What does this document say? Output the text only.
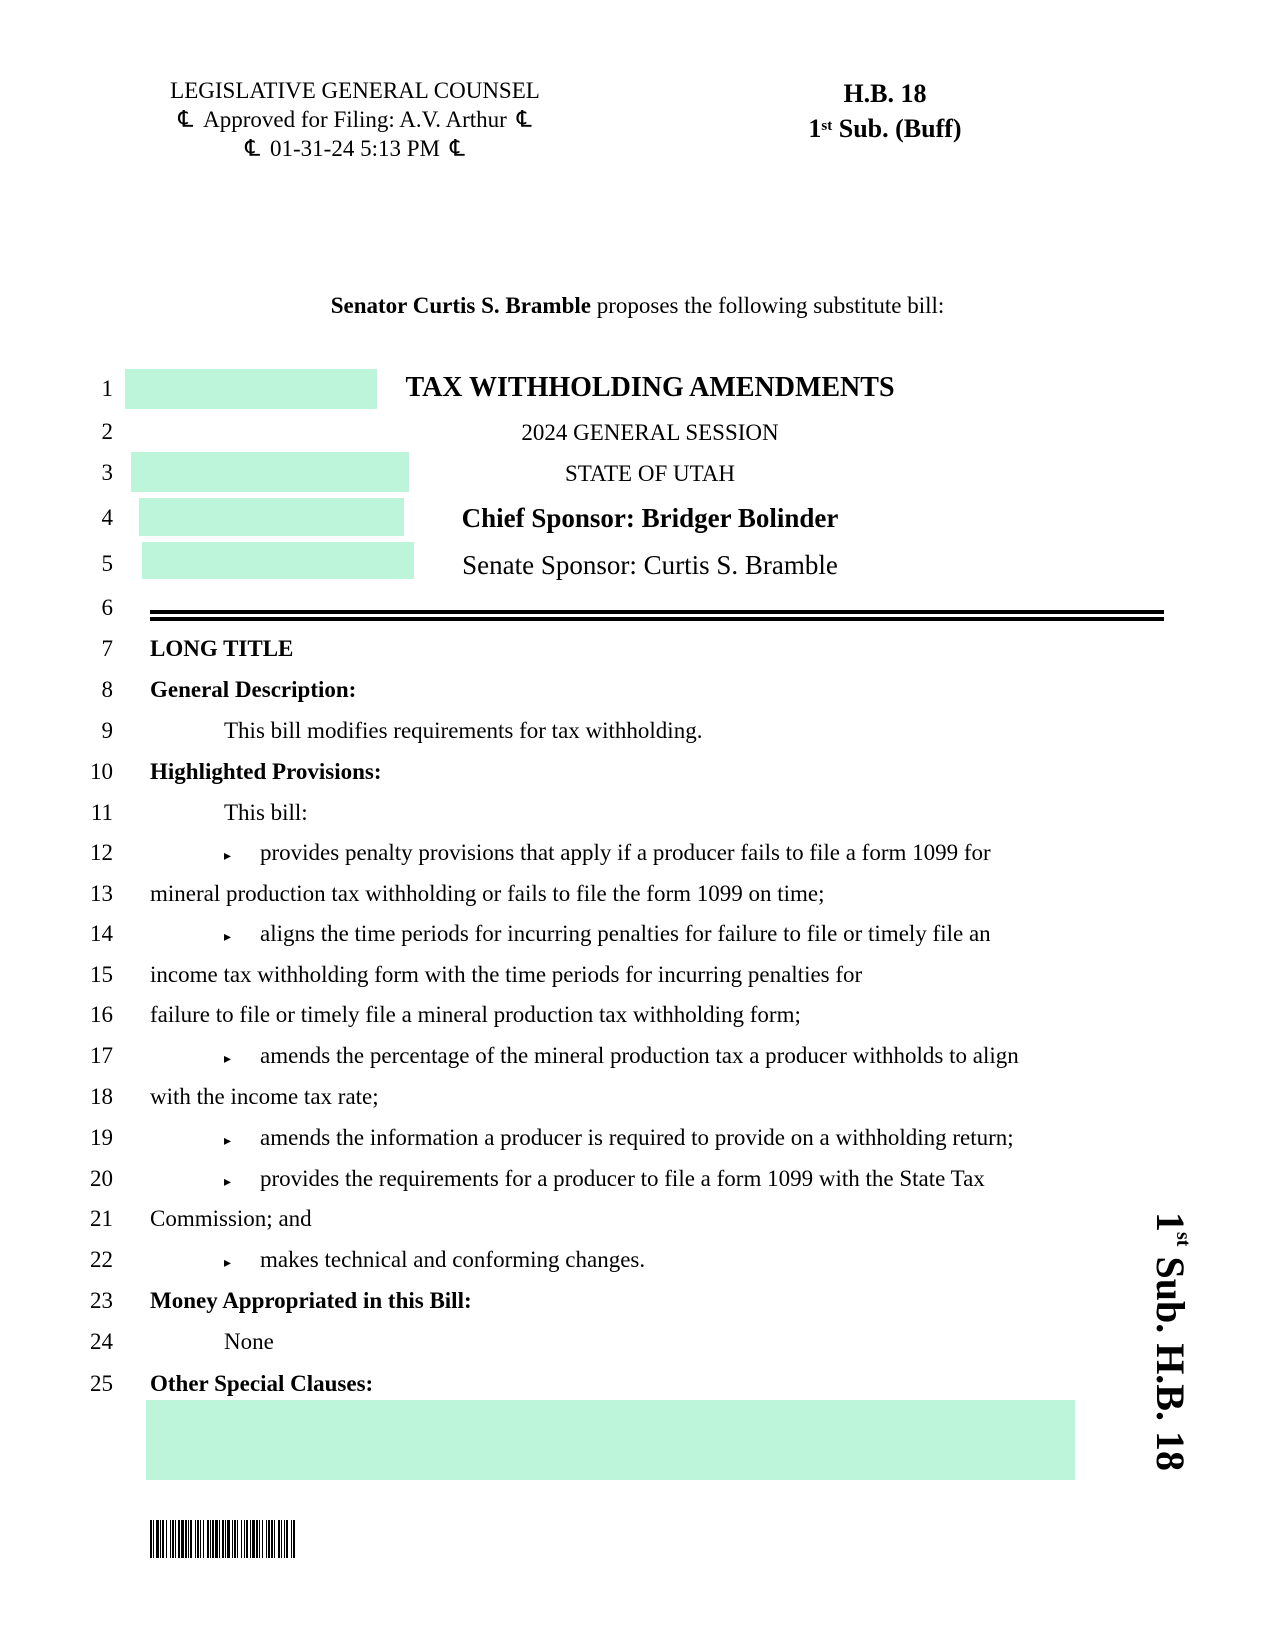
LEGISLATIVE GENERAL COUNSEL
℄ Approved for Filing: A.V. Arthur ℄
℄ 01-31-24 5:13 PM ℄
H.B. 18
1st Sub. (Buff)
Senator Curtis S. Bramble proposes the following substitute bill:
1
2
3
4
5
6
7
8
9
10
11
12
13
14
15
16
17
18
19
20
21
22
23
24
25
TAX WITHHOLDING AMENDMENTS
2024 GENERAL SESSION
STATE OF UTAH
Chief Sponsor: Bridger Bolinder
Senate Sponsor: Curtis S. Bramble
LONG TITLE
General Description:
This bill modifies requirements for tax withholding.
Highlighted Provisions:
This bill:
▸ provides penalty provisions that apply if a producer fails to file a form 1099 for
mineral production tax withholding or fails to file the form 1099 on time;
▸ aligns the time periods for incurring penalties for failure to file or timely file an
income tax withholding form with the time periods for incurring penalties for
failure to file or timely file a mineral production tax withholding form;
▸ amends the percentage of the mineral production tax a producer withholds to align
with the income tax rate;
▸ amends the information a producer is required to provide on a withholding return;
▸ provides the requirements for a producer to file a form 1099 with the State Tax
Commission; and
▸ makes technical and conforming changes.
Money Appropriated in this Bill:
None
Other Special Clauses:
1st Sub. H.B. 18
